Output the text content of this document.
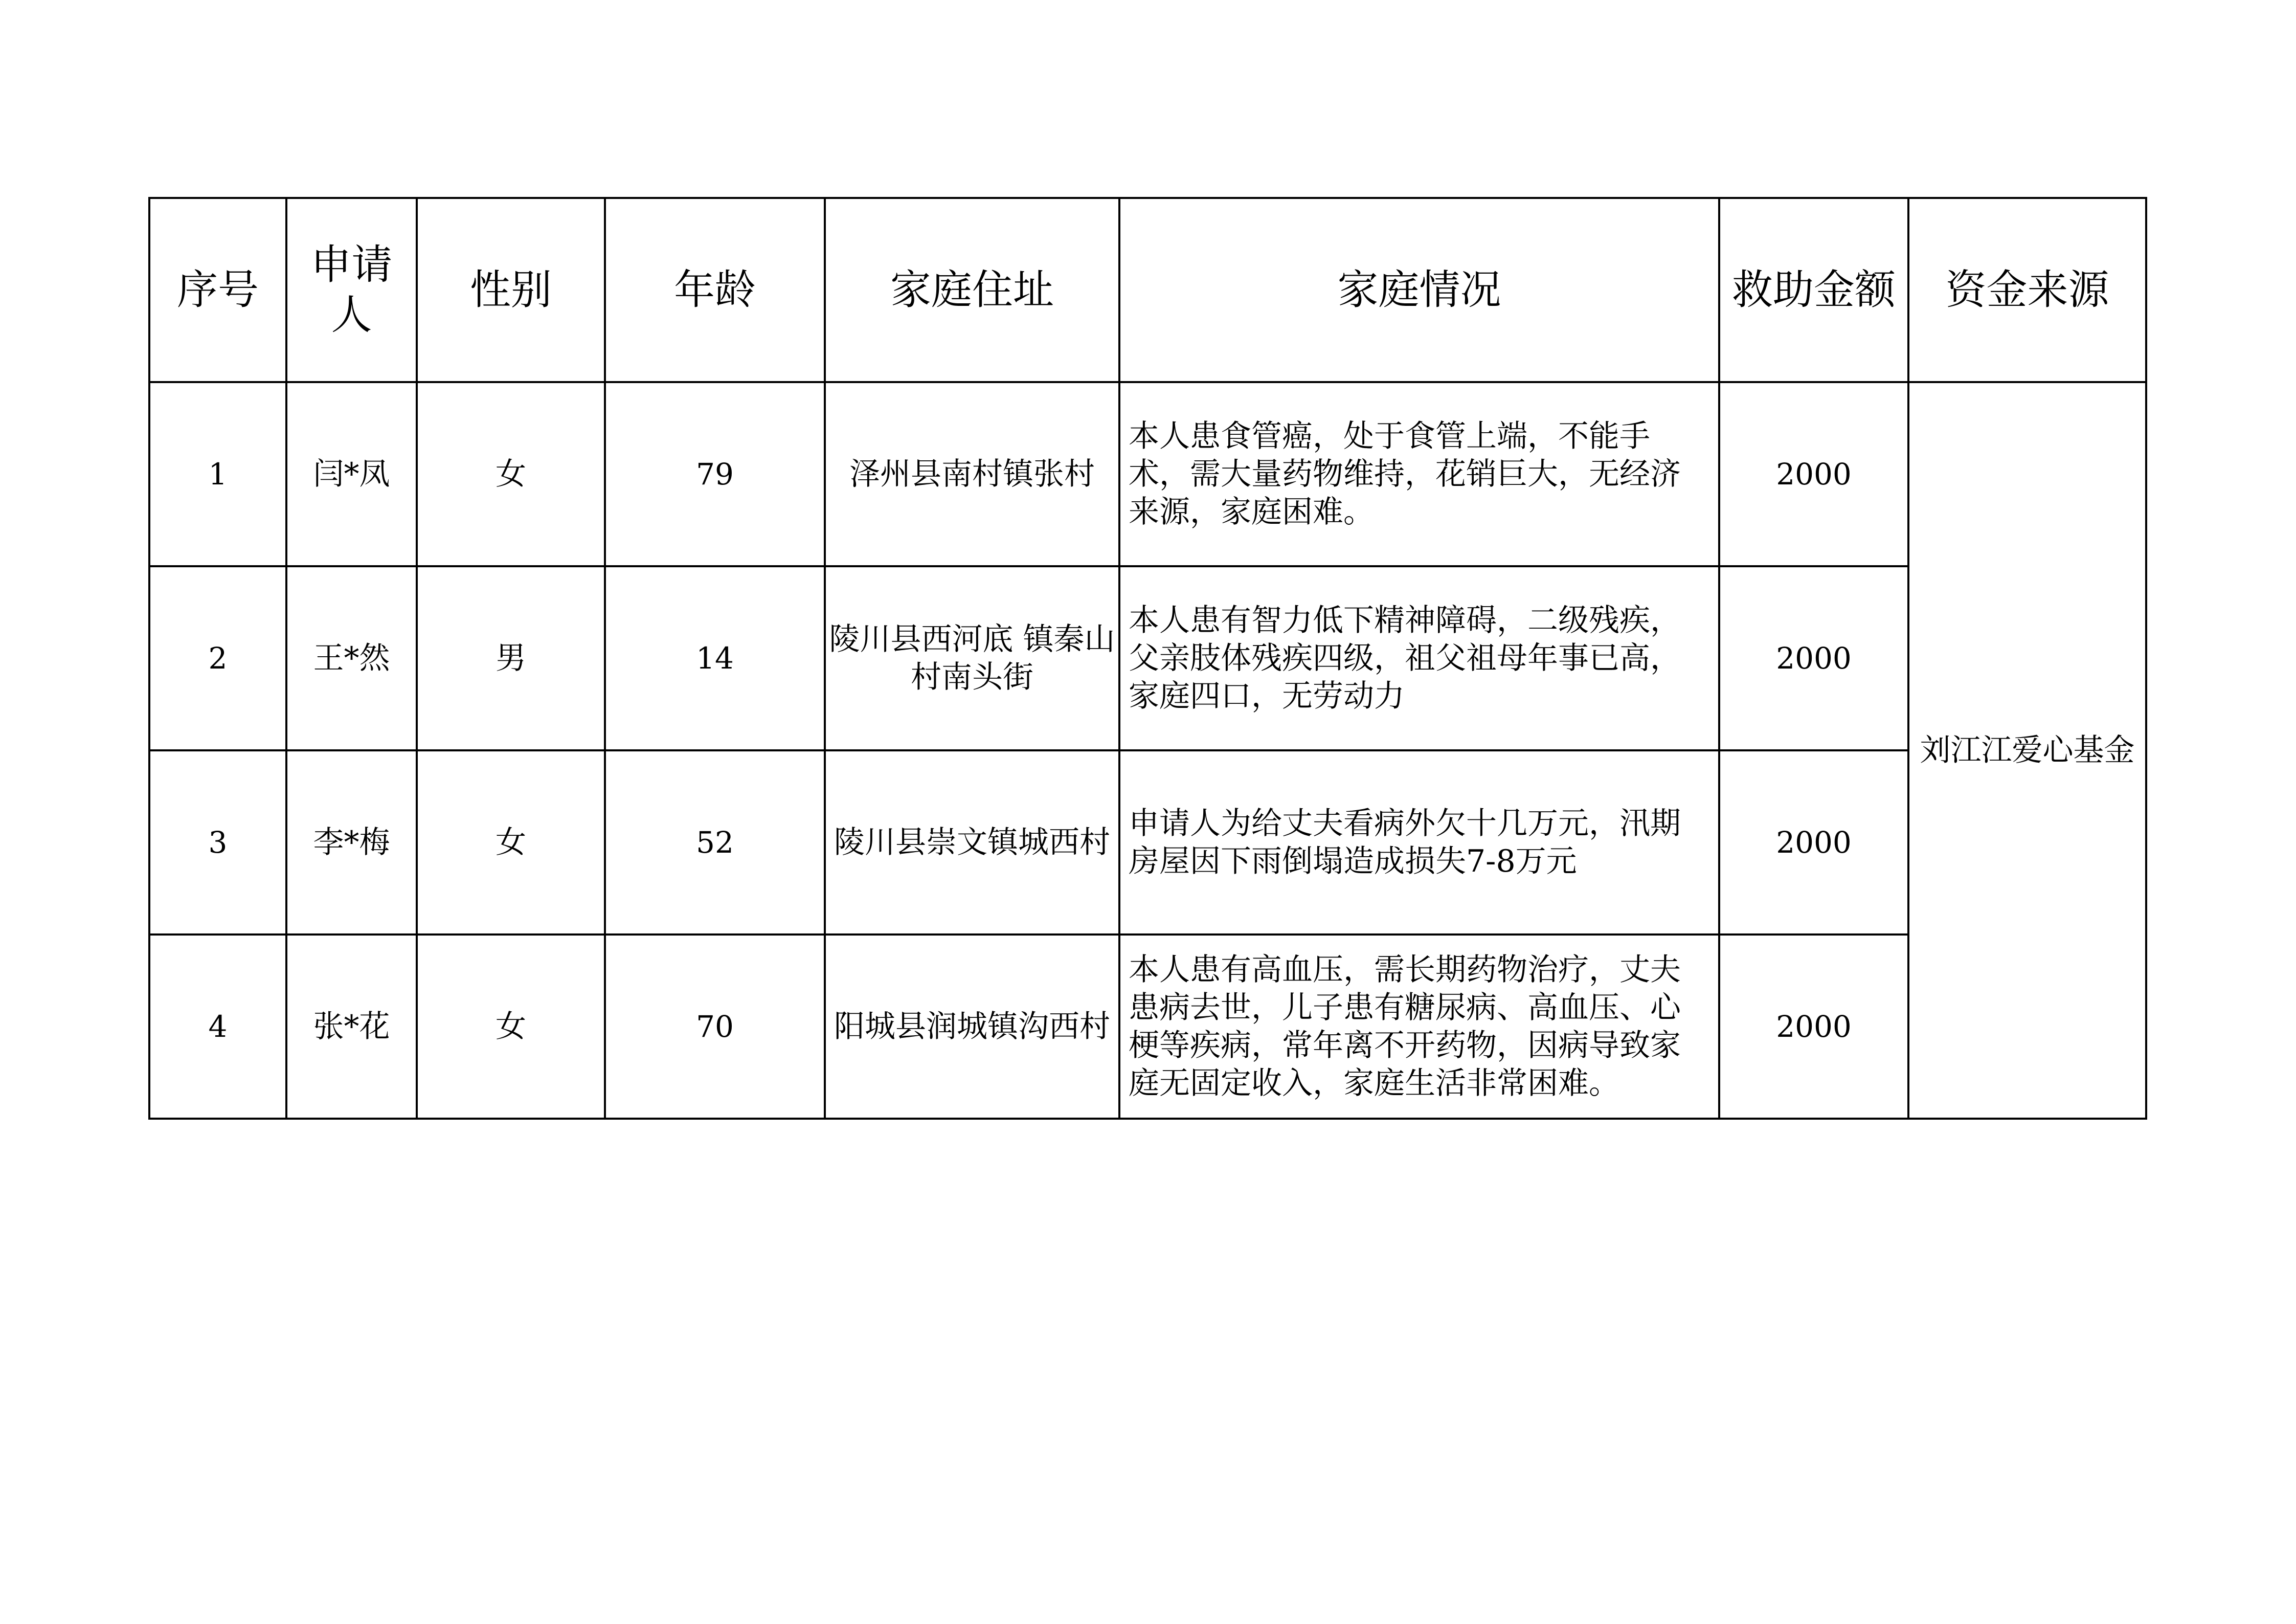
序号	申请人	性别	年龄	家庭住址	家庭情况	救助金额	资金来源
1	闫*凤	女	79	泽州县南村镇张村	本人患食管癌，处于食管上端，不能手术，需大量药物维持，花销巨大，无经济来源，家庭困难。	2000	刘江江爱心基金
2	王*然	男	14	陵川县西河底 镇秦山村南头街	本人患有智力低下精神障碍，二级残疾，父亲肢体残疾四级，祖父祖母年事已高，家庭四口，无劳动力	2000	
3	李*梅	女	52	陵川县崇文镇城西村	申请人为给丈夫看病外欠十几万元，汛期房屋因下雨倒塌造成损失7-8万元	2000	
4	张*花	女	70	阳城县润城镇沟西村	本人患有高血压，需长期药物治疗，丈夫患病去世，儿子患有糖尿病、高血压、心梗等疾病，常年离不开药物，因病导致家庭无固定收入，家庭生活非常困难。	2000	
